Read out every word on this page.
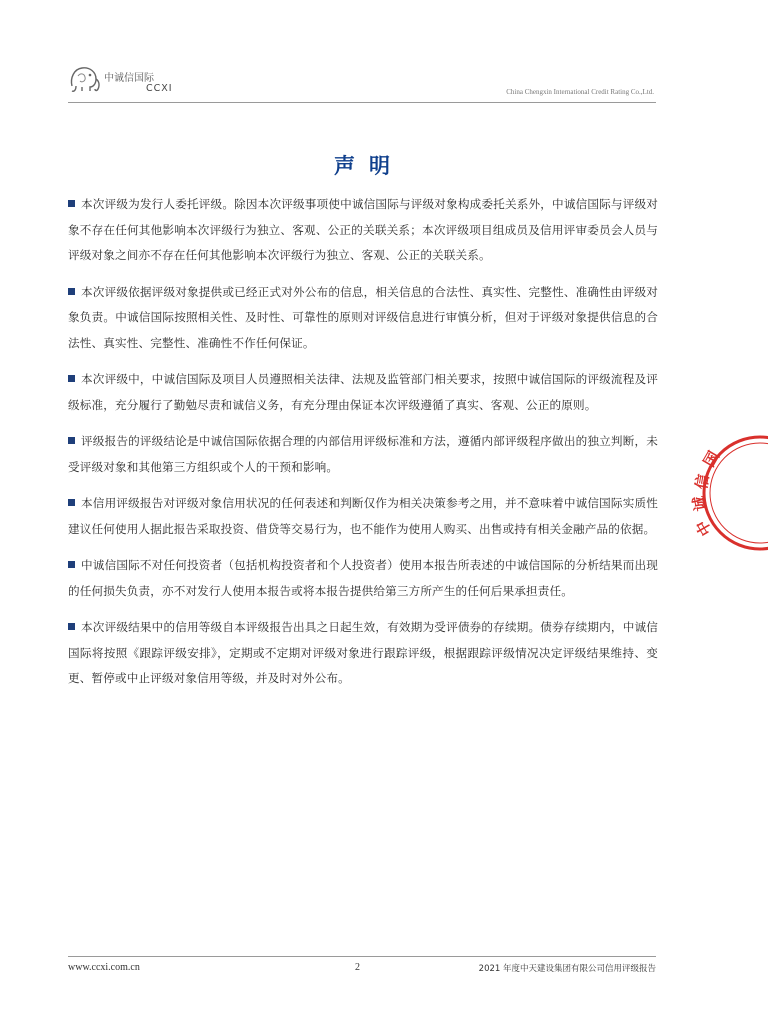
中诚信国际
CCXI	China Chengxin International Credit Rating Co.,Ltd.
声明

本次评级为发行人委托评级。除因本次评级事项使中诚信国际与评级对象构成委托关系外，中诚信国际与评级对象不存在任何其他影响本次评级行为独立、客观、公正的关联关系；本次评级项目组成员及信用评审委员会人员与评级对象之间亦不存在任何其他影响本次评级行为独立、客观、公正的关联关系。

本次评级依据评级对象提供或已经正式对外公布的信息，相关信息的合法性、真实性、完整性、准确性由评级对象负责。中诚信国际按照相关性、及时性、可靠性的原则对评级信息进行审慎分析，但对于评级对象提供信息的合法性、真实性、完整性、准确性不作任何保证。

本次评级中，中诚信国际及项目人员遵照相关法律、法规及监管部门相关要求，按照中诚信国际的评级流程及评级标准，充分履行了勤勉尽责和诚信义务，有充分理由保证本次评级遵循了真实、客观、公正的原则。

评级报告的评级结论是中诚信国际依据合理的内部信用评级标准和方法，遵循内部评级程序做出的独立判断，未受评级对象和其他第三方组织或个人的干预和影响。

本信用评级报告对评级对象信用状况的任何表述和判断仅作为相关决策参考之用，并不意味着中诚信国际实质性建议任何使用人据此报告采取投资、借贷等交易行为，也不能作为使用人购买、出售或持有相关金融产品的依据。

中诚信国际不对任何投资者（包括机构投资者和个人投资者）使用本报告所表述的中诚信国际的分析结果而出现的任何损失负责，亦不对发行人使用本报告或将本报告提供给第三方所产生的任何后果承担责任。

本次评级结果中的信用等级自本评级报告出具之日起生效，有效期为受评债券的存续期。债券存续期内，中诚信国际将按照《跟踪评级安排》，定期或不定期对评级对象进行跟踪评级，根据跟踪评级情况决定评级结果维持、变更、暂停或中止评级对象信用等级，并及时对外公布。

国
信
诚
中
www.ccxi.com.cn	2	2021 年度中天建设集团有限公司信用评级报告
